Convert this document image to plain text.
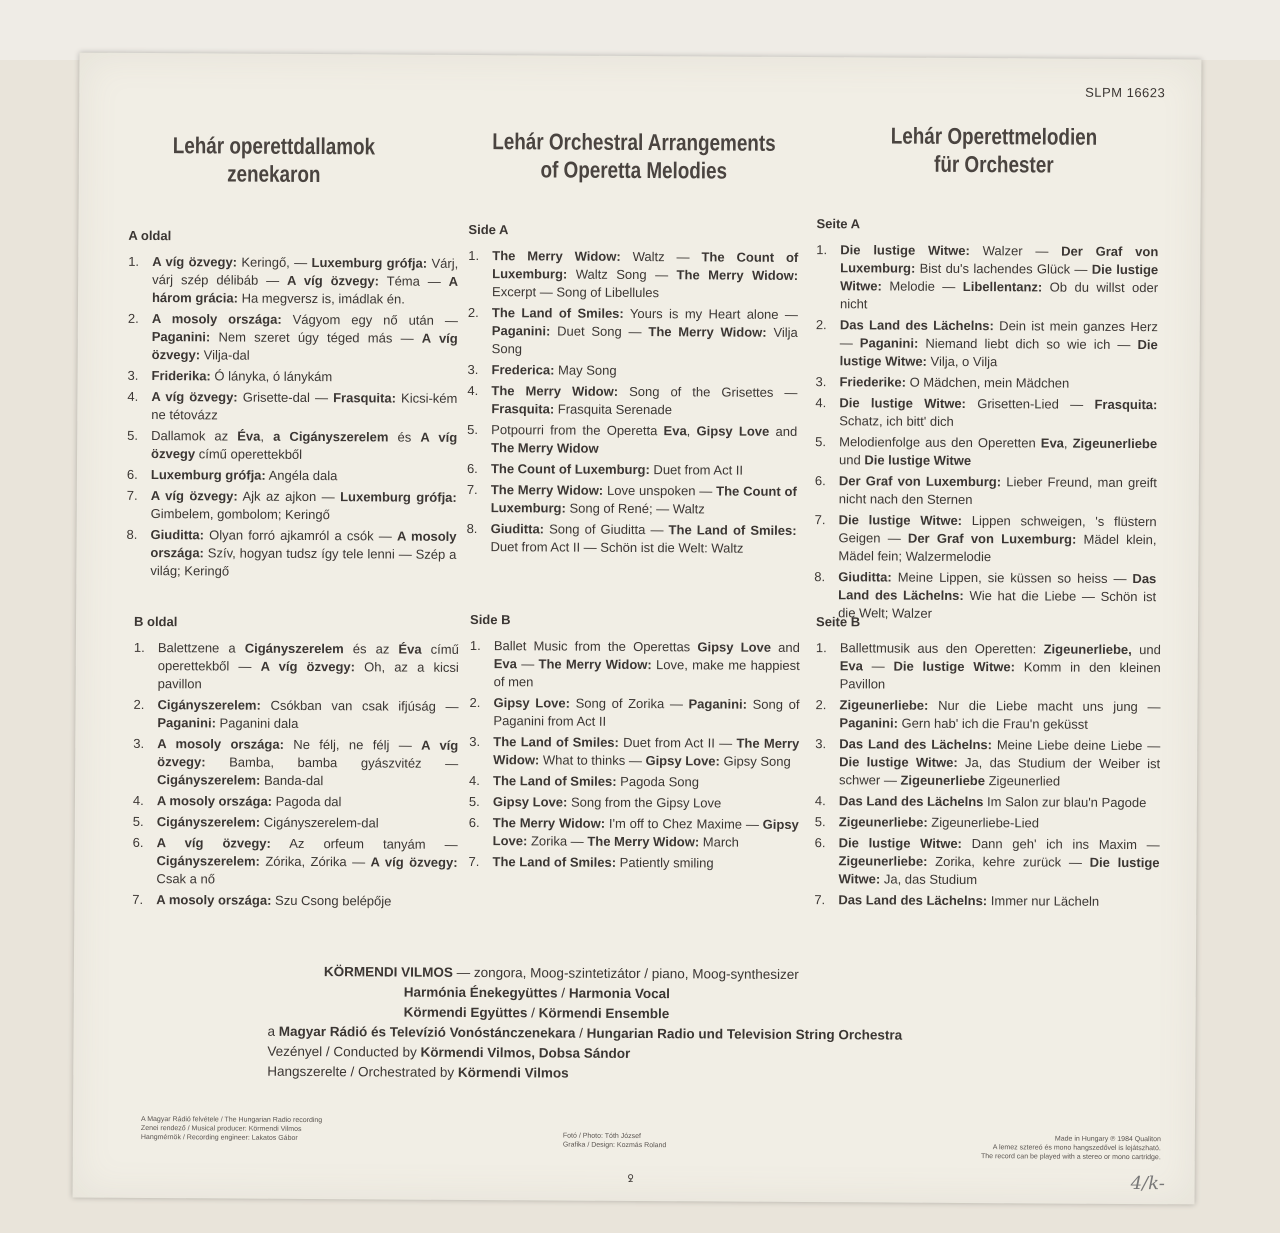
SLPM 16623
Lehár operettdallamok
zenekaron
Lehár Orchestral Arrangements
of Operetta Melodies
Lehár Operettmelodien
für Orchester
A oldal
1. A víg özvegy: Keringő, — Luxemburg grófja: Várj, várj szép délibáb — A víg özvegy: Téma — A három grácia: Ha megversz is, imádlak én.
2. A mosoly országa: Vágyom egy nő után — Paganini: Nem szeret úgy téged más — A víg özvegy: Vilja-dal
3. Friderika: Ó lányka, ó lánykám
4. A víg özvegy: Grisette-dal — Frasquita: Kicsi-kém ne tétovázz
5. Dallamok az Éva, a Cigányszerelem és A víg özvegy című operettekből
6. Luxemburg grófja: Angéla dala
7. A víg özvegy: Ajk az ajkon — Luxemburg grófja: Gimbelem, gombolom; Keringő
8. Giuditta: Olyan forró ajkamról a csók — A mosoly országa: Szív, hogyan tudsz így tele lenni — Szép a világ; Keringő
Side A
1. The Merry Widow: Waltz — The Count of Luxemburg: Waltz Song — The Merry Widow: Excerpt — Song of Libellules
2. The Land of Smiles: Yours is my Heart alone — Paganini: Duet Song — The Merry Widow: Vilja Song
3. Frederica: May Song
4. The Merry Widow: Song of the Grisettes — Frasquita: Frasquita Serenade
5. Potpourri from the Operetta Eva, Gipsy Love and The Merry Widow
6. The Count of Luxemburg: Duet from Act II
7. The Merry Widow: Love unspoken — The Count of Luxemburg: Song of René; — Waltz
8. Giuditta: Song of Giuditta — The Land of Smiles: Duet from Act II — Schön ist die Welt: Waltz
Seite A
1. Die lustige Witwe: Walzer — Der Graf von Luxemburg: Bist du's lachendes Glück — Die lustige Witwe: Melodie — Libellentanz: Ob du willst oder nicht
2. Das Land des Lächelns: Dein ist mein ganzes Herz — Paganini: Niemand liebt dich so wie ich — Die lustige Witwe: Vilja, o Vilja
3. Friederike: O Mädchen, mein Mädchen
4. Die lustige Witwe: Grisetten-Lied — Frasquita: Schatz, ich bitt' dich
5. Melodienfolge aus den Operetten Eva, Zigeunerliebe und Die lustige Witwe
6. Der Graf von Luxemburg: Lieber Freund, man greift nicht nach den Sternen
7. Die lustige Witwe: Lippen schweigen, 's flüstern Geigen — Der Graf von Luxemburg: Mädel klein, Mädel fein; Walzermelodie
8. Giuditta: Meine Lippen, sie küssen so heiss — Das Land des Lächelns: Wie hat die Liebe — Schön ist die Welt; Walzer
B oldal
1. Balettzene a Cigányszerelem és az Éva című operettekből — A víg özvegy: Oh, az a kicsi pavillon
2. Cigányszerelem: Csókban van csak ifjúság — Paganini: Paganini dala
3. A mosoly országa: Ne félj, ne félj — A víg özvegy: Bamba, bamba gyászvitéz — Cigányszerelem: Banda-dal
4. A mosoly országa: Pagoda dal
5. Cigányszerelem: Cigányszerelem-dal
6. A víg özvegy: Az orfeum tanyám — Cigányszerelem: Zórika, Zórika — A víg özvegy: Csak a nő
7. A mosoly országa: Szu Csong belépője
Side B
1. Ballet Music from the Operettas Gipsy Love and Eva — The Merry Widow: Love, make me happiest of men
2. Gipsy Love: Song of Zorika — Paganini: Song of Paganini from Act II
3. The Land of Smiles: Duet from Act II — The Merry Widow: What to thinks — Gipsy Love: Gipsy Song
4. The Land of Smiles: Pagoda Song
5. Gipsy Love: Song from the Gipsy Love
6. The Merry Widow: I'm off to Chez Maxime — Gipsy Love: Zorika — The Merry Widow: March
7. The Land of Smiles: Patiently smiling
Seite B
1. Ballettmusik aus den Operetten: Zigeunerliebe, und Eva — Die lustige Witwe: Komm in den kleinen Pavillon
2. Zigeunerliebe: Nur die Liebe macht uns jung — Paganini: Gern hab' ich die Frau'n geküsst
3. Das Land des Lächelns: Meine Liebe deine Liebe — Die lustige Witwe: Ja, das Studium der Weiber ist schwer — Zigeunerliebe Zigeunerlied
4. Das Land des Lächelns Im Salon zur blau'n Pagode
5. Zigeunerliebe: Zigeunerliebe-Lied
6. Die lustige Witwe: Dann geh' ich ins Maxim — Zigeunerliebe: Zorika, kehre zurück — Die lustige Witwe: Ja, das Studium
7. Das Land des Lächelns: Immer nur Lächeln
KÖRMENDI VILMOS — zongora, Moog-szintetizátor / piano, Moog-synthesizer
Harmónia Énekegyüttes / Harmonia Vocal
Körmendi Együttes / Körmendi Ensemble
a Magyar Rádió és Televízió Vonóstánczenekara / Hungarian Radio und Television String Orchestra
Vezényel / Conducted by Körmendi Vilmos, Dobsa Sándor
Hangszerelte / Orchestrated by Körmendi Vilmos
A Magyar Rádió felvétele / The Hungarian Radio recording
Zenei rendező / Musical producer: Körmendi Vilmos
Hangmérnök / Recording engineer: Lakatos Gábor	Fotó / Photo: Tóth József
Grafika / Design: Kozmás Roland
Made in Hungary ℗ 1984 Qualiton
A lemez sztereó és mono hangszedővel is lejátszható.
The record can be played with a stereo or mono cartridge.
ꝿ	4/k-
